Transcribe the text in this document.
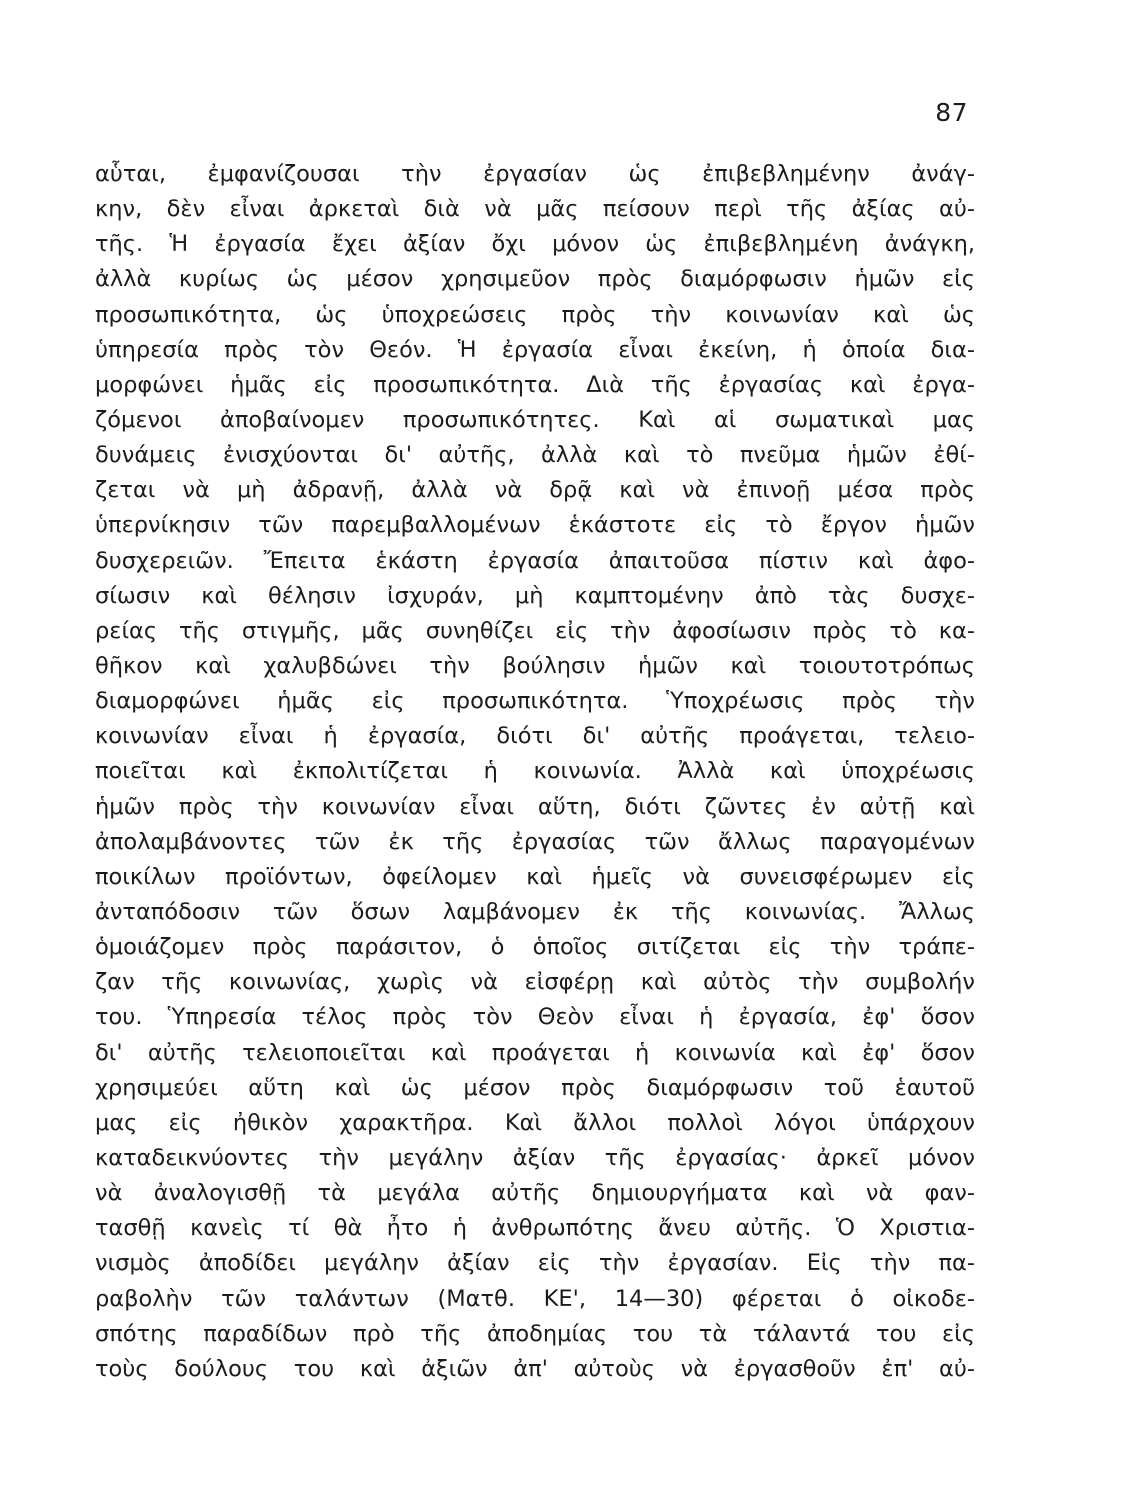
87
αὗται, ἐμφανίζουσαι τὴν ἐργασίαν ὡς ἐπιβεβλημένην ἀνάγ-
κην, δὲν εἶναι ἀρκεταὶ διὰ νὰ μᾶς πείσουν περὶ τῆς ἀξίας αὐ-
τῆς. Ἡ ἐργασία ἔχει ἀξίαν ὄχι μόνον ὡς ἐπιβεβλημένη ἀνάγκη,
ἀλλὰ κυρίως ὡς μέσον χρησιμεῦον πρὸς διαμόρφωσιν ἡμῶν εἰς
προσωπικότητα, ὡς ὑποχρεώσεις πρὸς τὴν κοινωνίαν καὶ ὡς
ὑπηρεσία πρὸς τὸν Θεόν. Ἡ ἐργασία εἶναι ἐκείνη, ἡ ὁποία δια-
μορφώνει ἡμᾶς εἰς προσωπικότητα. Διὰ τῆς ἐργασίας καὶ ἐργα-
ζόμενοι ἀποβαίνομεν προσωπικότητες. Καὶ αἱ σωματικαὶ μας
δυνάμεις ἐνισχύονται δι' αὐτῆς, ἀλλὰ καὶ τὸ πνεῦμα ἡμῶν ἐθί-
ζεται νὰ μὴ ἀδρανῇ, ἀλλὰ νὰ δρᾷ καὶ νὰ ἐπινοῇ μέσα πρὸς
ὑπερνίκησιν τῶν παρεμβαλλομένων ἑκάστοτε εἰς τὸ ἔργον ἡμῶν
δυσχερειῶν. Ἔπειτα ἑκάστη ἐργασία ἀπαιτοῦσα πίστιν καὶ ἀφο-
σίωσιν καὶ θέλησιν ἰσχυράν, μὴ καμπτομένην ἀπὸ τὰς δυσχε-
ρείας τῆς στιγμῆς, μᾶς συνηθίζει εἰς τὴν ἀφοσίωσιν πρὸς τὸ κα-
θῆκον καὶ χαλυβδώνει τὴν βούλησιν ἡμῶν καὶ τοιουτοτρόπως
διαμορφώνει ἡμᾶς εἰς προσωπικότητα. Ὑποχρέωσις πρὸς τὴν
κοινωνίαν εἶναι ἡ ἐργασία, διότι δι' αὐτῆς προάγεται, τελειο-
ποιεῖται καὶ ἐκπολιτίζεται ἡ κοινωνία. Ἀλλὰ καὶ ὑποχρέωσις
ἡμῶν πρὸς τὴν κοινωνίαν εἶναι αὕτη, διότι ζῶντες ἐν αὐτῇ καὶ
ἀπολαμβάνοντες τῶν ἐκ τῆς ἐργασίας τῶν ἄλλως παραγομένων
ποικίλων προϊόντων, ὀφείλομεν καὶ ἡμεῖς νὰ συνεισφέρωμεν εἰς
ἀνταπόδοσιν τῶν ὅσων λαμβάνομεν ἐκ τῆς κοινωνίας. Ἄλλως
ὁμοιάζομεν πρὸς παράσιτον, ὁ ὁποῖος σιτίζεται εἰς τὴν τράπε-
ζαν τῆς κοινωνίας, χωρὶς νὰ εἰσφέρῃ καὶ αὐτὸς τὴν συμβολήν
του. Ὑπηρεσία τέλος πρὸς τὸν Θεὸν εἶναι ἡ ἐργασία, ἐφ' ὅσον
δι' αὐτῆς τελειοποιεῖται καὶ προάγεται ἡ κοινωνία καὶ ἐφ' ὅσον
χρησιμεύει αὕτη καὶ ὡς μέσον πρὸς διαμόρφωσιν τοῦ ἑαυτοῦ
μας εἰς ἠθικὸν χαρακτῆρα. Καὶ ἄλλοι πολλοὶ λόγοι ὑπάρχουν
καταδεικνύοντες τὴν μεγάλην ἀξίαν τῆς ἐργασίας· ἀρκεῖ μόνον
νὰ ἀναλογισθῇ τὰ μεγάλα αὐτῆς δημιουργήματα καὶ νὰ φαν-
τασθῇ κανεὶς τί θὰ ἦτο ἡ ἀνθρωπότης ἄνευ αὐτῆς. Ὁ Χριστια-
νισμὸς ἀποδίδει μεγάλην ἀξίαν εἰς τὴν ἐργασίαν. Εἰς τὴν πα-
ραβολὴν τῶν ταλάντων (Ματθ. ΚΕ', 14—30) φέρεται ὁ οἰκοδε-
σπότης παραδίδων πρὸ τῆς ἀποδημίας του τὰ τάλαντά του εἰς
τοὺς δούλους του καὶ ἀξιῶν ἀπ' αὐτοὺς νὰ ἐργασθοῦν ἐπ' αὐ-
